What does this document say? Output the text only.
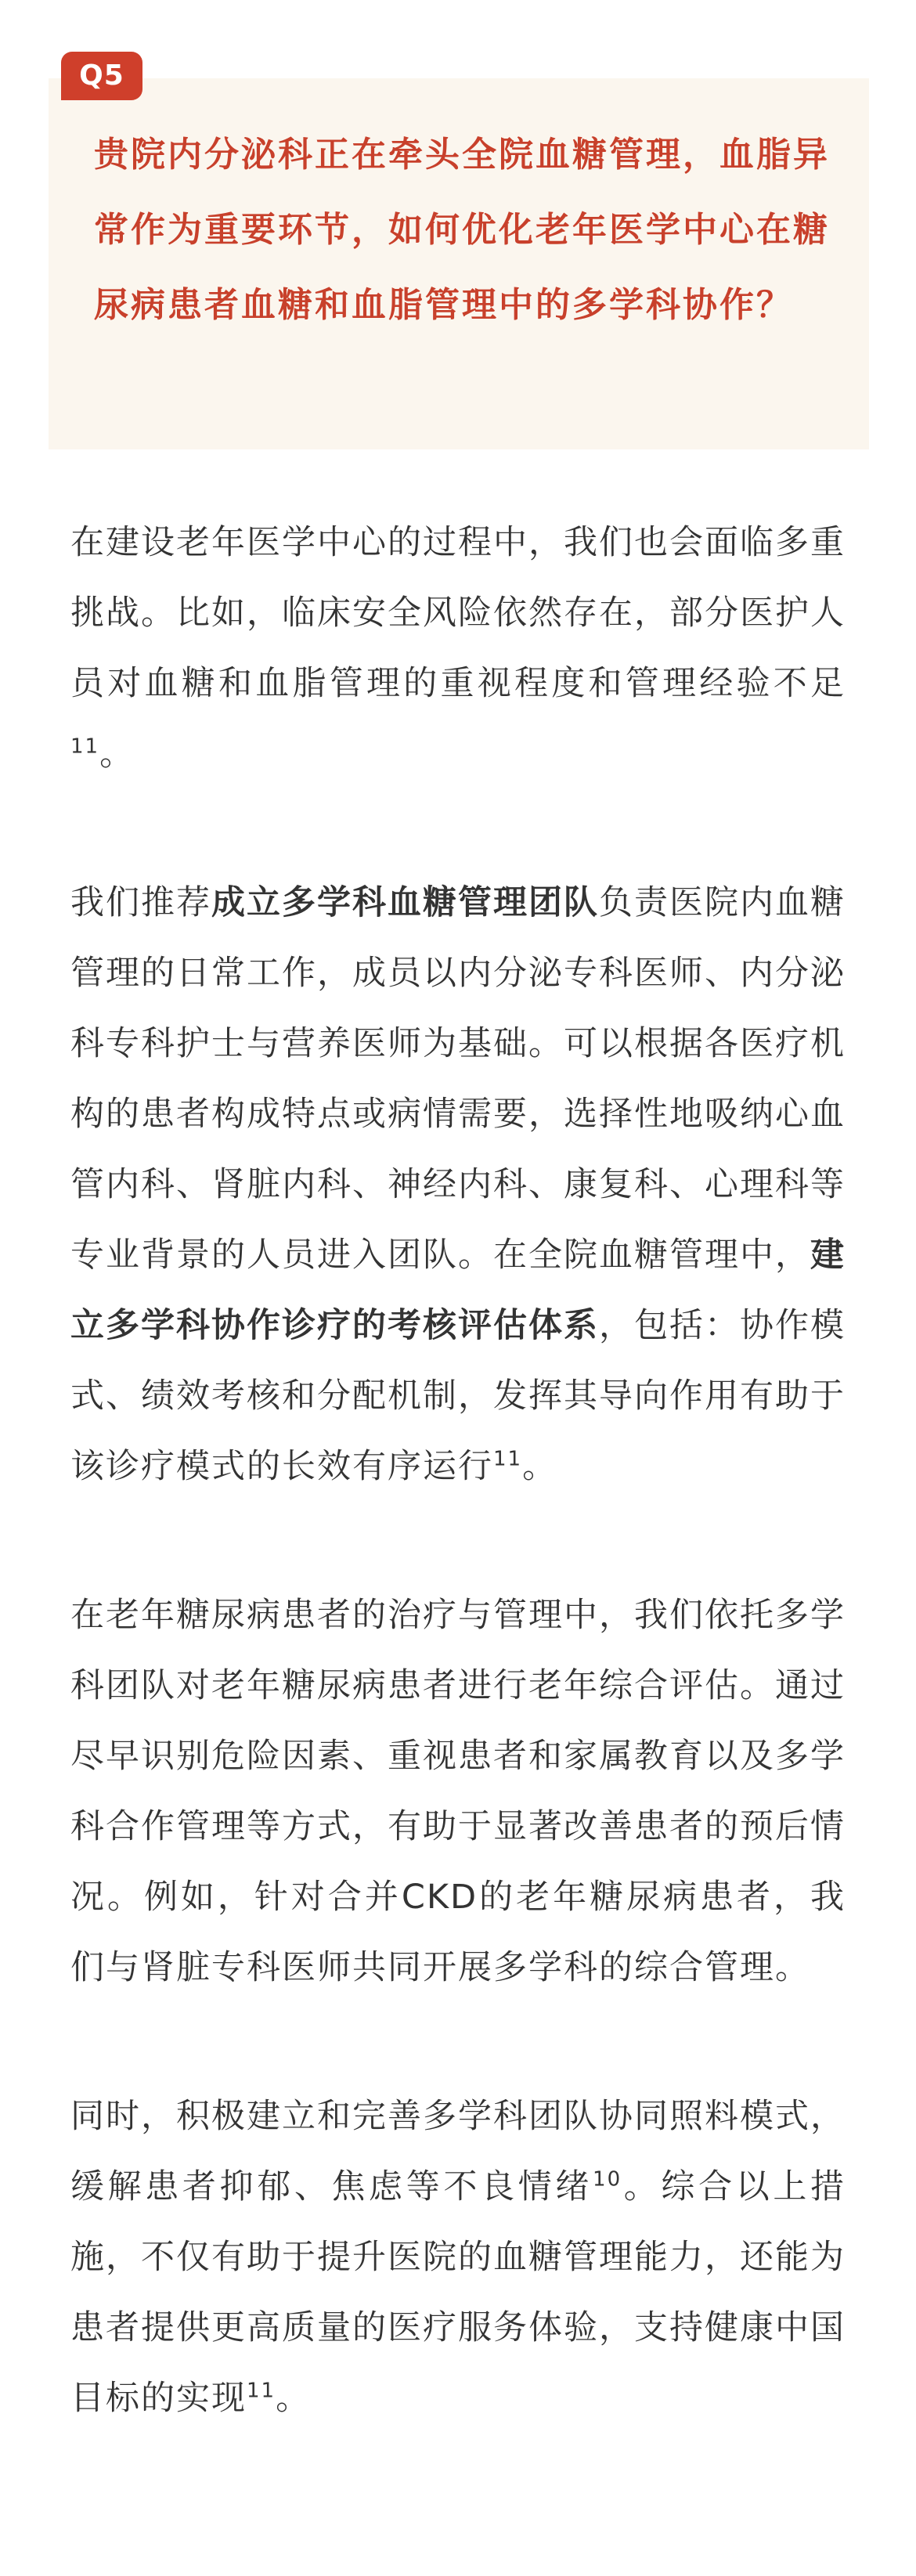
Q5
贵院内分泌科正在牵头全院血糖管理，血脂异常作为重要环节，如何优化老年医学中心在糖尿病患者血糖和血脂管理中的多学科协作？

在建设老年医学中心的过程中，我们也会面临多重挑战。比如，临床安全风险依然存在，部分医护人员对血糖和血脂管理的重视程度和管理经验不足$^{11}$。

我们推荐成立多学科血糖管理团队负责医院内血糖管理的日常工作，成员以内分泌专科医师、内分泌科专科护士与营养医师为基础。可以根据各医疗机构的患者构成特点或病情需要，选择性地吸纳心血管内科、肾脏内科、神经内科、康复科、心理科等专业背景的人员进入团队。在全院血糖管理中，建立多学科协作诊疗的考核评估体系，包括：协作模式、绩效考核和分配机制，发挥其导向作用有助于该诊疗模式的长效有序运行$^{11}$。

在老年糖尿病患者的治疗与管理中，我们依托多学科团队对老年糖尿病患者进行老年综合评估。通过尽早识别危险因素、重视患者和家属教育以及多学科合作管理等方式，有助于显著改善患者的预后情况。例如，针对合并CKD的老年糖尿病患者，我们与肾脏专科医师共同开展多学科的综合管理。

同时，积极建立和完善多学科团队协同照料模式，缓解患者抑郁、焦虑等不良情绪$^{10}$。综合以上措施，不仅有助于提升医院的血糖管理能力，还能为患者提供更高质量的医疗服务体验，支持健康中国目标的实现$^{11}$。
